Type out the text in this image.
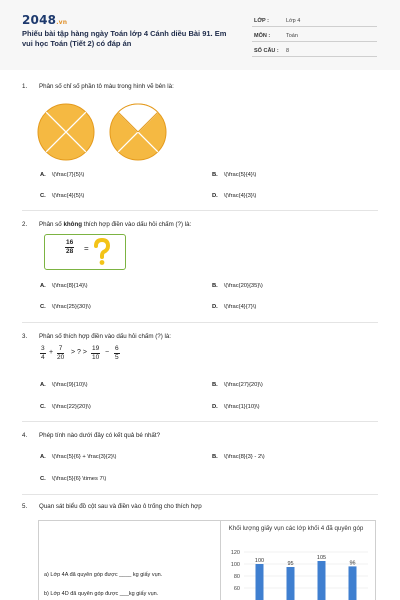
2048.vn
Phiếu bài tập hàng ngày Toán lớp 4 Cánh diều Bài 91. Em vui học Toán (Tiết 2) có đáp án
LỚP :	Lớp 4
MÔN :	Toán
SỐ CÂU : 8
1. Phân số chỉ số phần tô màu trong hình vẽ bên là:
A. \(\frac{7}{5}\)	B. \(\frac{5}{4}\)
C. \(\frac{4}{5}\)	D. \(\frac{4}{3}\)
2. Phân số không thích hợp điền vào dấu hỏi chấm (?) là:
$\frac{16}{28}$ =
A. \(\frac{8}{14}\)	B. \(\frac{20}{35}\)
C. \(\frac{25}{30}\)	D. \(\frac{4}{7}\)
3. Phân số thích hợp điền vào dấu hỏi chấm (?) là:
$\frac{3}{4} + \frac{7}{20}$ > ? > $\frac{19}{10} - \frac{6}{5}$
A. \(\frac{9}{10}\)	B. \(\frac{27}{20}\)
C. \(\frac{22}{20}\)	D. \(\frac{1}{10}\)
4. Phép tính nào dưới đây có kết quả bé nhất?
A. \(\frac{5}{6} + \frac{3}{2}\)	B. \(\frac{8}{3} - 2\)
C. \(\frac{5}{6} \times 7\)
5. Quan sát biểu đồ cột sau và điền vào ô trống cho thích hợp
a) Lớp 4A đã quyên góp được ____ kg giấy vụn.
b) Lớp 4D đã quyên góp được ___kg giấy vụn.
Khối lượng giấy vụn các lớp khối 4 đã quyên góp
120
100
80
60
100	95
105
96
